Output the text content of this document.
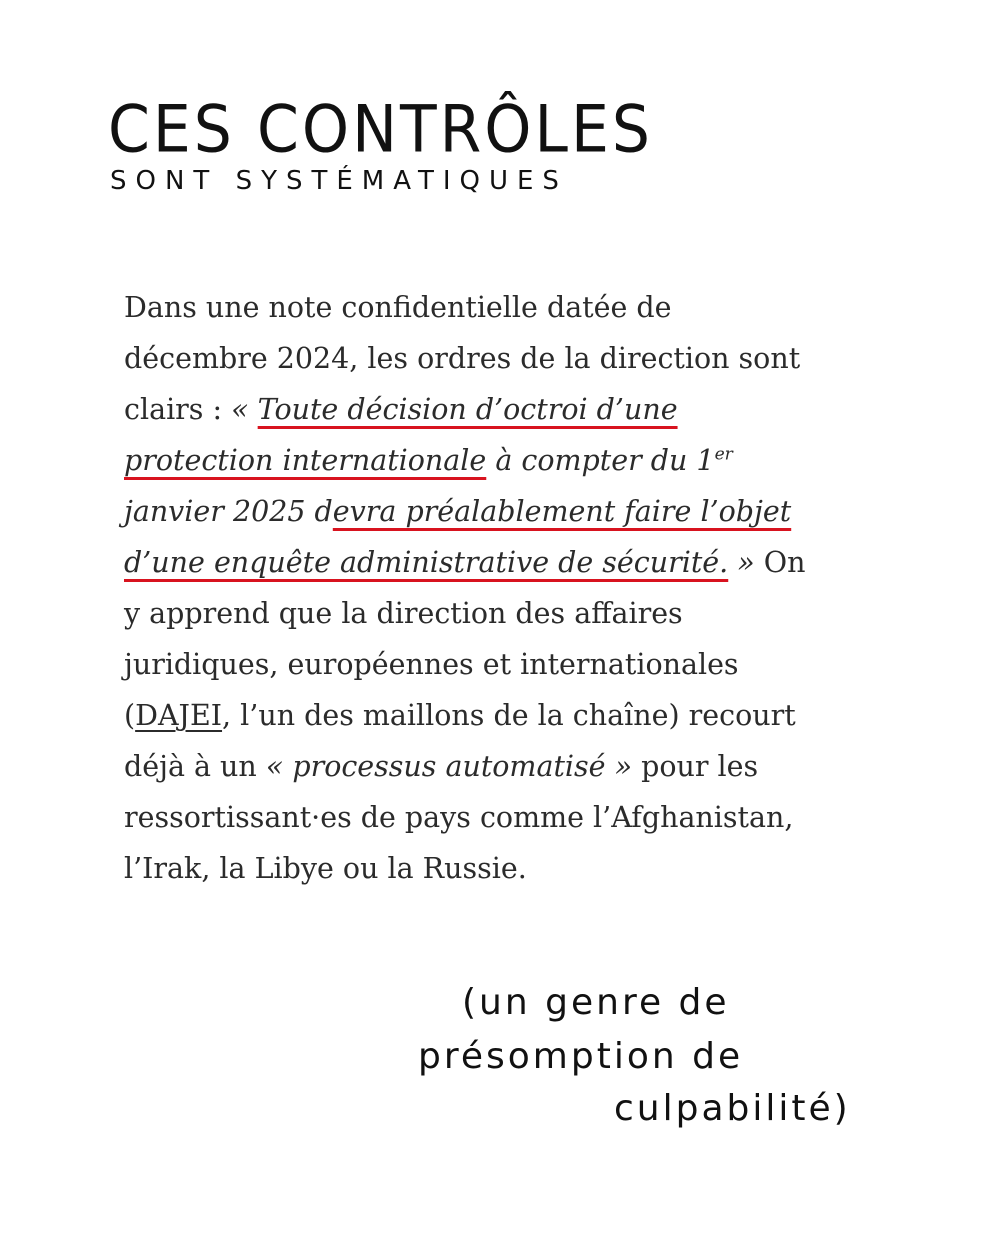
CES CONTRÔLES
SONT SYSTÉMATIQUES

Dans une note confidentielle datée de décembre 2024, les ordres de la direction sont clairs : « Toute décision d’octroi d’une protection internationale à compter du 1er janvier 2025 devra préalablement faire l’objet d’une enquête administrative de sécurité. » On y apprend que la direction des affaires juridiques, européennes et internationales (DAJEI, l’un des maillons de la chaîne) recourt déjà à un « processus automatisé » pour les ressortissant·es de pays comme l’Afghanistan, l’Irak, la Libye ou la Russie.

(un genre de
présomption de
culpabilité)
